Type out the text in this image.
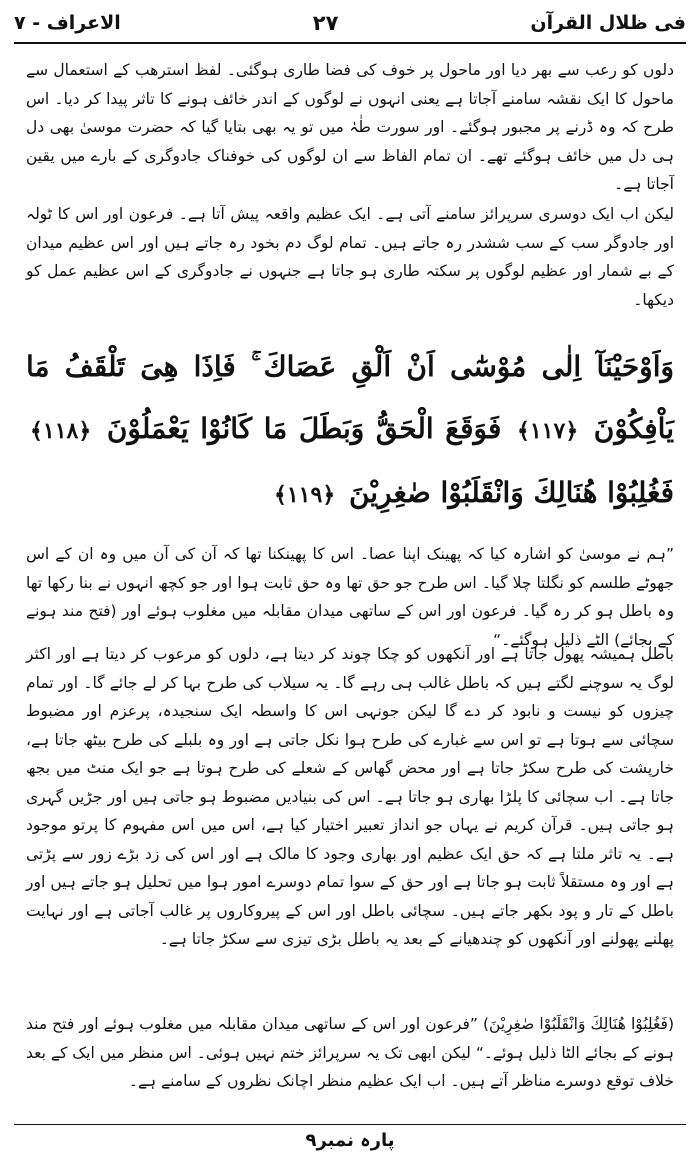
فی ظلال القرآن
۲۷
الاعراف - ۷

دلوں کو رعب سے بھر دیا اور ماحول پر خوف کی فضا طاری ہوگئی۔ لفظ استرھب کے استعمال سے ماحول کا ایک نقشہ سامنے آجاتا ہے یعنی انہوں نے لوگوں کے اندر خائف ہونے کا تاثر پیدا کر دیا۔ اس طرح کہ وہ ڈرنے پر مجبور ہوگئے۔ اور سورت طٰہٰ میں تو یہ بھی بتایا گیا کہ حضرت موسیٰ بھی دل ہی دل میں خائف ہوگئے تھے۔ ان تمام الفاظ سے ان لوگوں کی خوفناک جادوگری کے بارے میں یقین آجاتا ہے۔

لیکن اب ایک دوسری سرپرائز سامنے آتی ہے۔ ایک عظیم واقعہ پیش آتا ہے۔ فرعون اور اس کا ٹولہ اور جادوگر سب کے سب ششدر رہ جاتے ہیں۔ تمام لوگ دم بخود رہ جاتے ہیں اور اس عظیم میدان کے بے شمار اور عظیم لوگوں پر سکتہ طاری ہو جاتا ہے جنہوں نے جادوگری کے اس عظیم عمل کو دیکھا۔

وَاَوْحَيْنَآ اِلٰى مُوْسٰٓى اَنْ اَلْقِ عَصَاكَ ۚ فَاِذَا هِىَ تَلْقَفُ مَا يَاْفِكُوْنَ ﴿۱۱۷﴾ فَوَقَعَ الْحَقُّ وَبَطَلَ مَا كَانُوْا يَعْمَلُوْنَ ﴿۱۱۸﴾ فَغُلِبُوْا هُنَالِكَ وَانْقَلَبُوْا صٰغِرِيْنَ ﴿۱۱۹﴾

”ہم نے موسیٰ کو اشارہ کیا کہ پھینک اپنا عصا۔ اس کا پھینکنا تھا کہ آن کی آن میں وہ ان کے اس جھوٹے طلسم کو نگلتا چلا گیا۔ اس طرح جو حق تھا وہ حق ثابت ہوا اور جو کچھ انہوں نے بنا رکھا تھا وہ باطل ہو کر رہ گیا۔ فرعون اور اس کے ساتھی میدان مقابلہ میں مغلوب ہوئے اور (فتح مند ہونے کے بجائے) الٹے ذلیل ہوگئے۔“

باطل ہمیشہ پھول جاتا ہے اور آنکھوں کو چکا چوند کر دیتا ہے، دلوں کو مرعوب کر دیتا ہے اور اکثر لوگ یہ سوچنے لگتے ہیں کہ باطل غالب ہی رہے گا۔ یہ سیلاب کی طرح بہا کر لے جائے گا۔ اور تمام چیزوں کو نیست و نابود کر دے گا لیکن جونہی اس کا واسطہ ایک سنجیدہ، پرعزم اور مضبوط سچائی سے ہوتا ہے تو اس سے غبارے کی طرح ہوا نکل جاتی ہے اور وہ بلبلے کی طرح بیٹھ جاتا ہے، خارپشت کی طرح سکڑ جاتا ہے اور محض گھاس کے شعلے کی طرح ہوتا ہے جو ایک منٹ میں بجھ جاتا ہے۔ اب سچائی کا پلڑا بھاری ہو جاتا ہے۔ اس کی بنیادیں مضبوط ہو جاتی ہیں اور جڑیں گہری ہو جاتی ہیں۔ قرآن کریم نے یہاں جو انداز تعبیر اختیار کیا ہے، اس میں اس مفہوم کا پرتو موجود ہے۔ یہ تاثر ملتا ہے کہ حق ایک عظیم اور بھاری وجود کا مالک ہے اور اس کی زد بڑے زور سے پڑتی ہے اور وہ مستقلاً ثابت ہو جاتا ہے اور حق کے سوا تمام دوسرے امور ہوا میں تحلیل ہو جاتے ہیں اور باطل کے تار و پود بکھر جاتے ہیں۔ سچائی باطل اور اس کے پیروکاروں پر غالب آجاتی ہے اور نہایت پھلنے پھولنے اور آنکھوں کو چندھیانے کے بعد یہ باطل بڑی تیزی سے سکڑ جاتا ہے۔

(فَغُلِبُوْا هُنَالِكَ وَانْقَلَبُوْا صٰغِرِيْنَ) ”فرعون اور اس کے ساتھی میدان مقابلہ میں مغلوب ہوئے اور فتح مند ہونے کے بجائے الٹا ذلیل ہوئے۔“ لیکن ابھی تک یہ سرپرائز ختم نہیں ہوئی۔ اس منظر میں ایک کے بعد خلاف توقع دوسرے مناظر آتے ہیں۔ اب ایک عظیم منظر اچانک نظروں کے سامنے ہے۔

پارہ نمبر۹
